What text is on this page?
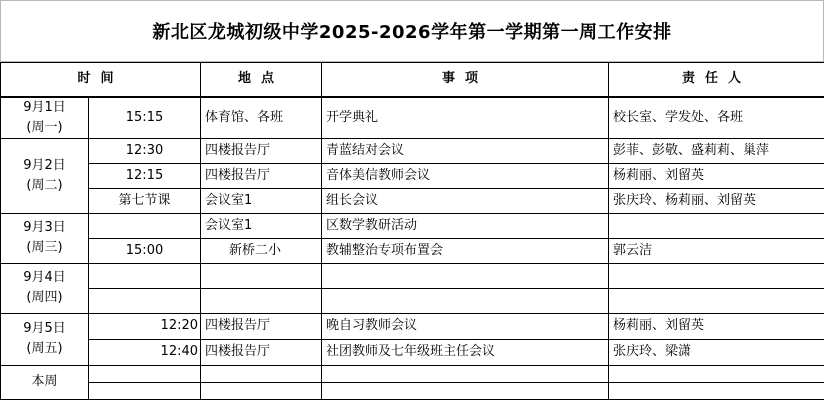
新北区龙城初级中学2025-2026学年第一学期第一周工作安排
时间		地点	事项	责任人
9月1日
(周一)	15:15	体育馆、各班	开学典礼	校长室、学发处、各班
9月2日
(周二)	12:30	四楼报告厅	青蓝结对会议	彭菲、彭敬、盛莉莉、巢萍
	12:15	四楼报告厅	音体美信教师会议	杨莉丽、刘留英
	第七节课	会议室1	组长会议	张庆玲、杨莉丽、刘留英
9月3日
(周三)		会议室1	区数学教研活动	
	15:00	新桥二小	教辅整治专项布置会	郭云洁
9月4日
(周四)				

9月5日
(周五)	12:20	四楼报告厅	晚自习教师会议	杨莉丽、刘留英
	12:40	四楼报告厅	社团教师及七年级班主任会议	张庆玲、梁潇
本周				
